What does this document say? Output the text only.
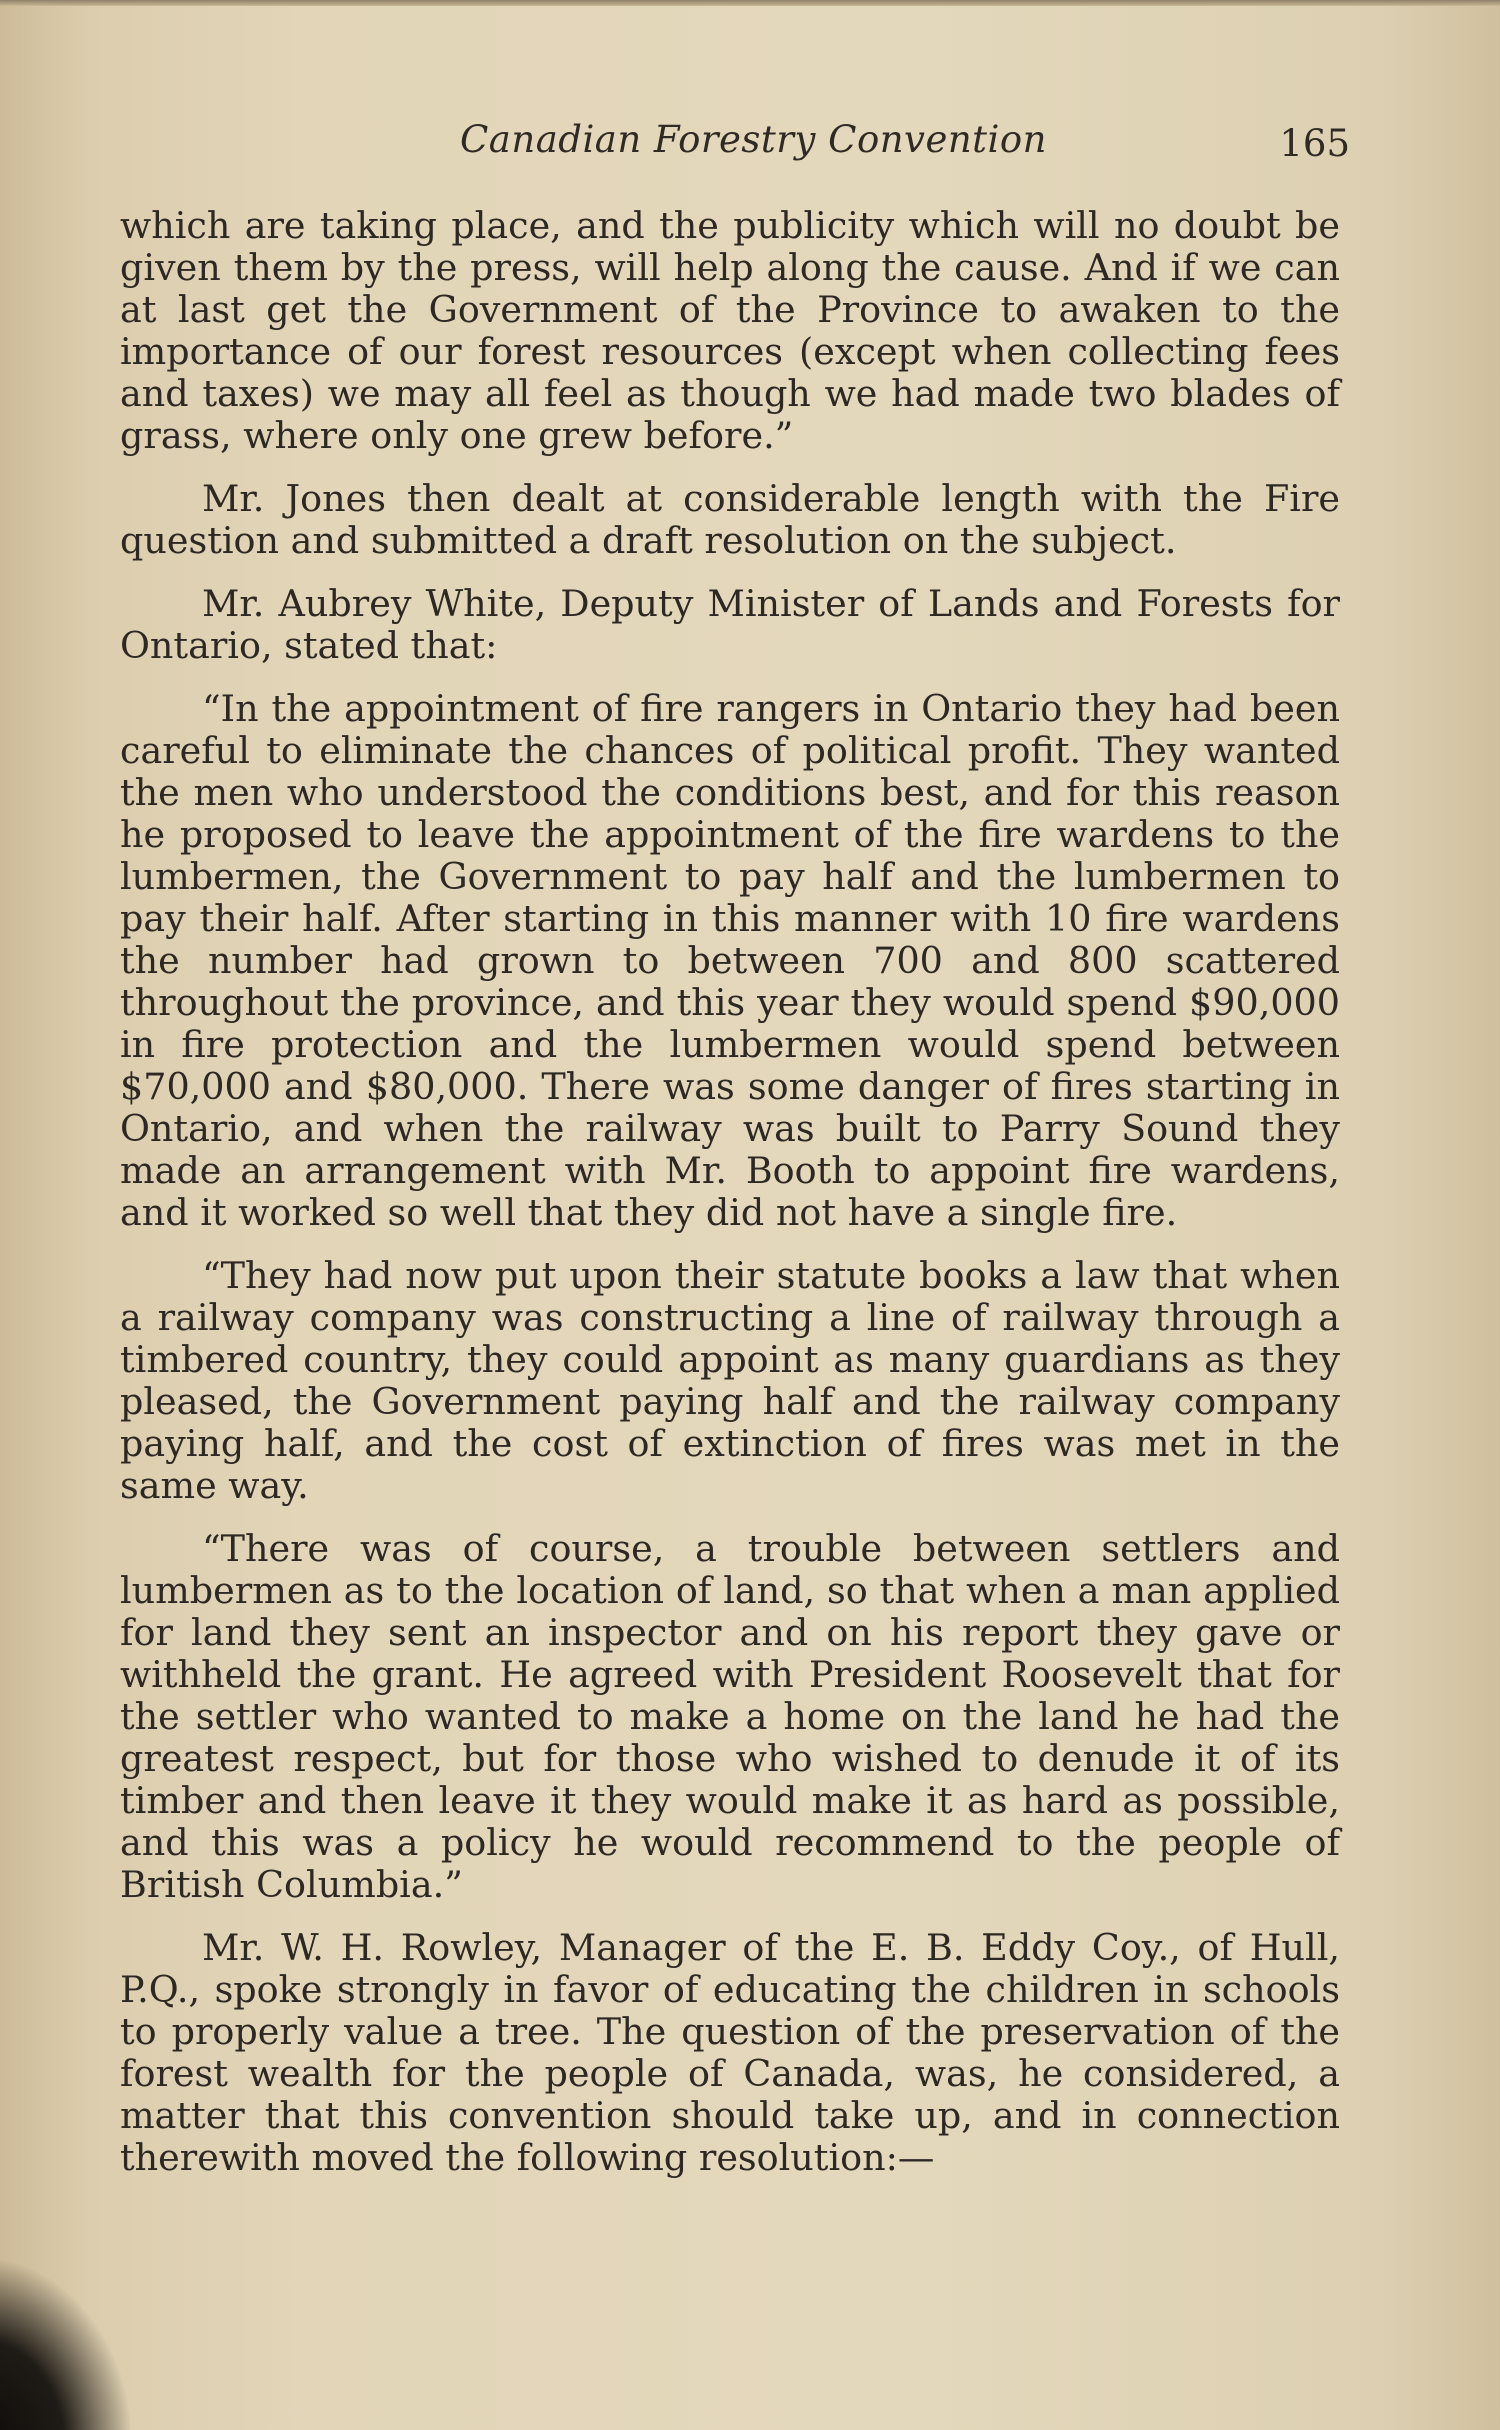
Canadian Forestry Convention	165

which are taking place, and the publicity which will no doubt be given them by the press, will help along the cause. And if we can at last get the Government of the Province to awaken to the importance of our forest resources (except when collecting fees and taxes) we may all feel as though we had made two blades of grass, where only one grew before.”

Mr. Jones then dealt at considerable length with the Fire question and submitted a draft resolution on the subject.

Mr. Aubrey White, Deputy Minister of Lands and Forests for Ontario, stated that:

“In the appointment of fire rangers in Ontario they had been careful to eliminate the chances of political profit. They wanted the men who understood the conditions best, and for this reason he proposed to leave the appointment of the fire wardens to the lumbermen, the Government to pay half and the lumbermen to pay their half. After starting in this manner with 10 fire wardens the number had grown to between 700 and 800 scattered throughout the province, and this year they would spend $90,000 in fire protection and the lumbermen would spend between $70,000 and $80,000. There was some danger of fires starting in Ontario, and when the railway was built to Parry Sound they made an arrangement with Mr. Booth to appoint fire wardens, and it worked so well that they did not have a single fire.

“They had now put upon their statute books a law that when a railway company was constructing a line of railway through a timbered country, they could appoint as many guardians as they pleased, the Government paying half and the railway company paying half, and the cost of extinction of fires was met in the same way.

“There was of course, a trouble between settlers and lumbermen as to the location of land, so that when a man applied for land they sent an inspector and on his report they gave or withheld the grant. He agreed with President Roosevelt that for the settler who wanted to make a home on the land he had the greatest respect, but for those who wished to denude it of its timber and then leave it they would make it as hard as possible, and this was a policy he would recommend to the people of British Columbia.”

Mr. W. H. Rowley, Manager of the E. B. Eddy Coy., of Hull, P.Q., spoke strongly in favor of educating the children in schools to properly value a tree. The question of the preservation of the forest wealth for the people of Canada, was, he considered, a matter that this convention should take up, and in connection therewith moved the following resolution:—
